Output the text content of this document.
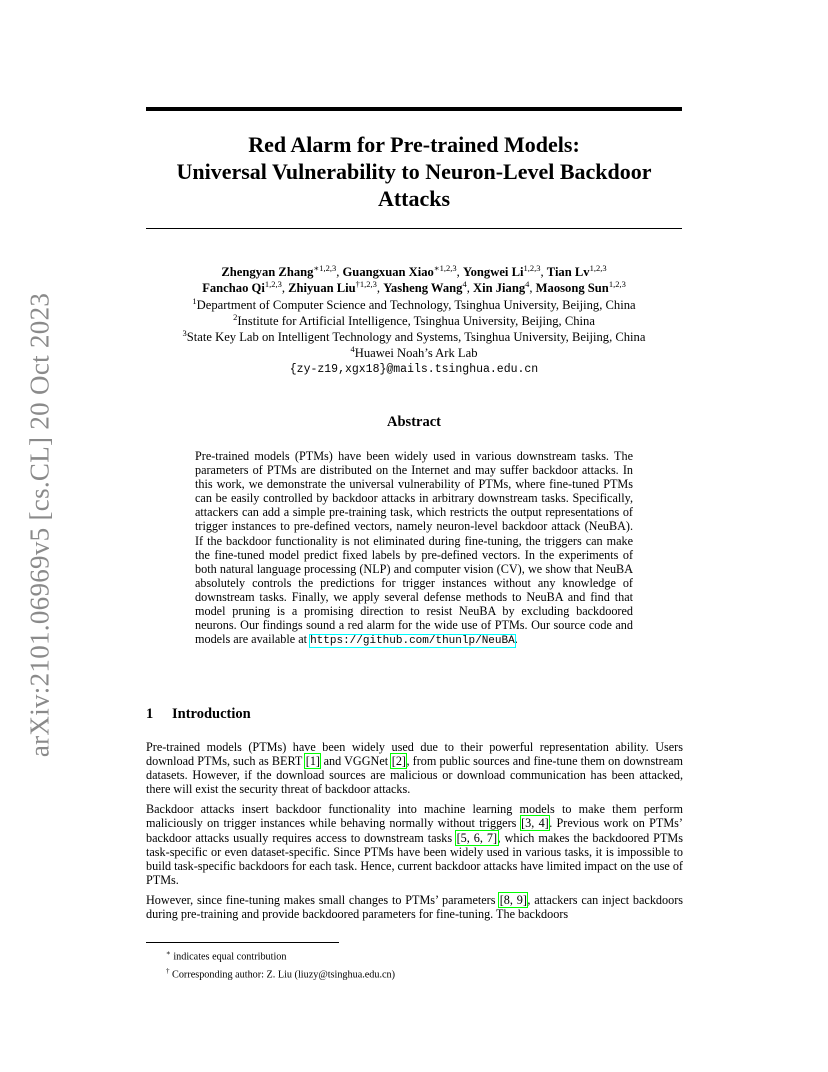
arXiv:2101.06969v5 [cs.CL] 20 Oct 2023
Red Alarm for Pre-trained Models:
Universal Vulnerability to Neuron-Level Backdoor
Attacks
Zhengyan Zhang$^{∗1,2,3}$, Guangxuan Xiao$^{∗1,2,3}$, Yongwei Li$^{1,2,3}$, Tian Lv$^{1,2,3}$
Fanchao Qi$^{1,2,3}$, Zhiyuan Liu$^{\dagger 1,2,3}$, Yasheng Wang$^4$, Xin Jiang$^4$, Maosong Sun$^{1,2,3}$
$^1$Department of Computer Science and Technology, Tsinghua University, Beijing, China
$^2$Institute for Artificial Intelligence, Tsinghua University, Beijing, China
$^3$State Key Lab on Intelligent Technology and Systems, Tsinghua University, Beijing, China
$^4$Huawei Noah’s Ark Lab
{zy-z19,xgx18}@mails.tsinghua.edu.cn
Abstract
Pre-trained models (PTMs) have been widely used in various downstream tasks. The parameters of PTMs are distributed on the Internet and may suffer backdoor attacks. In this work, we demonstrate the universal vulnerability of PTMs, where fine-tuned PTMs can be easily controlled by backdoor attacks in arbitrary downstream tasks. Specifically, attackers can add a simple pre-training task, which restricts the output representations of trigger instances to pre-defined vectors, namely neuron-level backdoor attack (NeuBA). If the backdoor functionality is not eliminated during fine-tuning, the triggers can make the fine-tuned model predict fixed labels by pre-defined vectors. In the experiments of both natural language processing (NLP) and computer vision (CV), we show that NeuBA absolutely controls the predictions for trigger instances without any knowledge of downstream tasks. Finally, we apply several defense methods to NeuBA and find that model pruning is a promising direction to resist NeuBA by excluding backdoored neurons. Our findings sound a red alarm for the wide use of PTMs. Our source code and models are available at https://github.com/thunlp/NeuBA.
1 Introduction

Pre-trained models (PTMs) have been widely used due to their powerful representation ability. Users download PTMs, such as BERT [1] and VGGNet [2], from public sources and fine-tune them on downstream datasets. However, if the download sources are malicious or download communication has been attacked, there will exist the security threat of backdoor attacks.

Backdoor attacks insert backdoor functionality into machine learning models to make them perform maliciously on trigger instances while behaving normally without triggers [3, 4]. Previous work on PTMs’ backdoor attacks usually requires access to downstream tasks [5, 6, 7], which makes the backdoored PTMs task-specific or even dataset-specific. Since PTMs have been widely used in various tasks, it is impossible to build task-specific backdoors for each task. Hence, current backdoor attacks have limited impact on the use of PTMs.

However, since fine-tuning makes small changes to PTMs’ parameters [8, 9], attackers can inject backdoors during pre-training and provide backdoored parameters for fine-tuning. The backdoors

∗ indicates equal contribution
† Corresponding author: Z. Liu (liuzy@tsinghua.edu.cn)
